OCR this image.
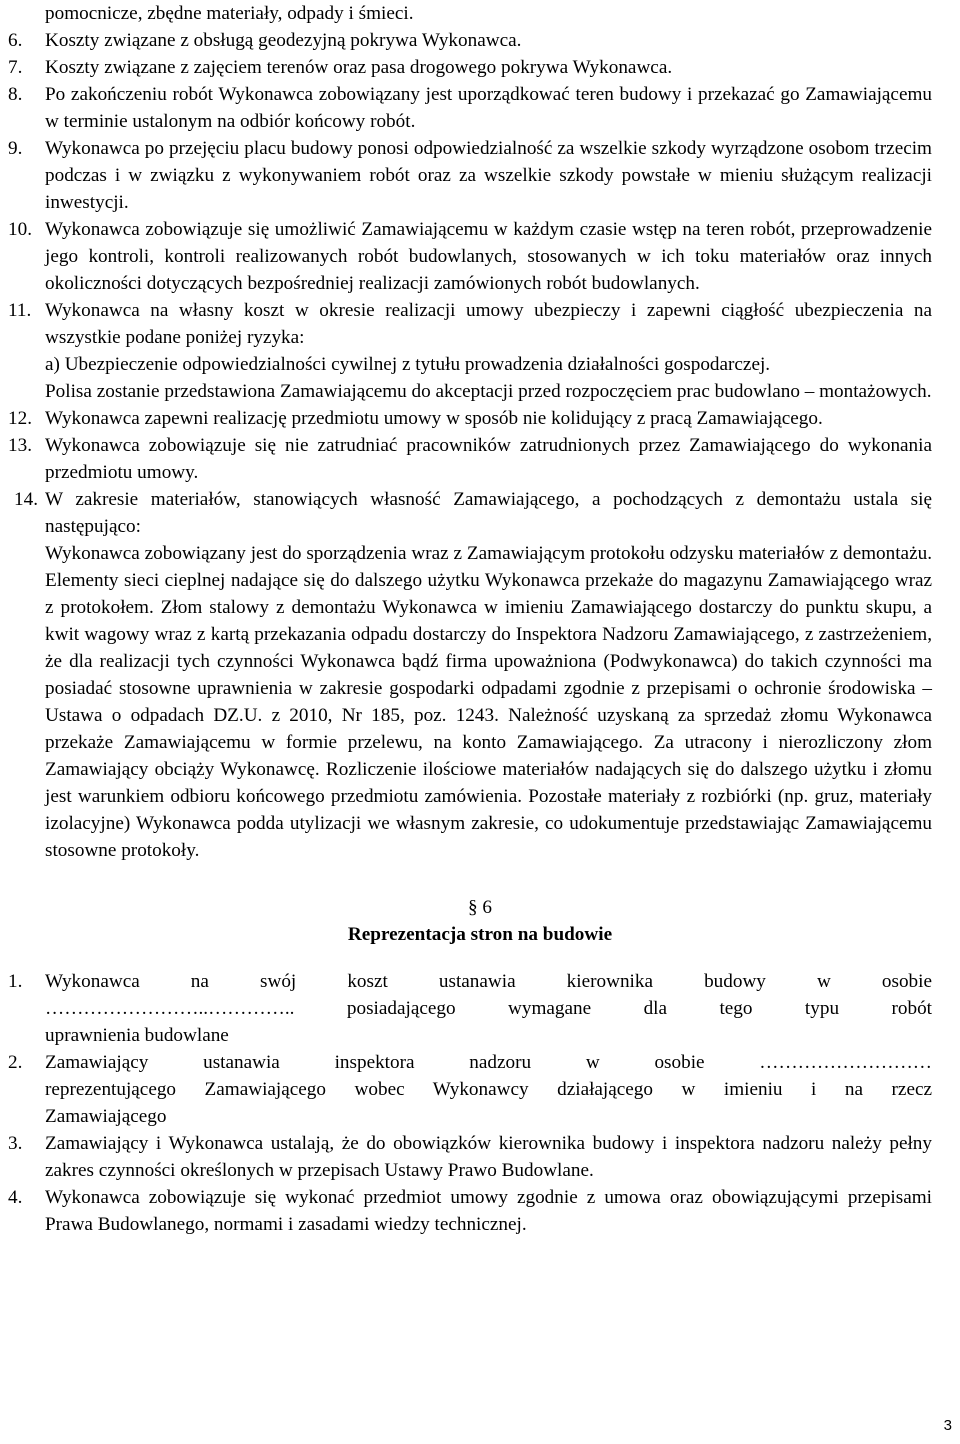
pomocnicze, zbędne materiały, odpady i śmieci.
6. Koszty związane z obsługą geodezyjną pokrywa Wykonawca.

7. Koszty związane z zajęciem terenów oraz pasa drogowego pokrywa Wykonawca.

8. Po zakończeniu robót Wykonawca zobowiązany jest uporządkować teren budowy i przekazać go Zamawiającemu w terminie ustalonym na odbiór końcowy robót.

9. Wykonawca po przejęciu placu budowy ponosi odpowiedzialność za wszelkie szkody wyrządzone osobom trzecim podczas i w związku z wykonywaniem robót oraz za wszelkie szkody powstałe w mieniu służącym realizacji inwestycji.

10. Wykonawca zobowiązuje się umożliwić Zamawiającemu w każdym czasie wstęp na teren robót, przeprowadzenie jego kontroli, kontroli realizowanych robót budowlanych, stosowanych w ich toku materiałów oraz innych okoliczności dotyczących bezpośredniej realizacji zamówionych robót budowlanych.

11. Wykonawca na własny koszt w okresie realizacji umowy ubezpieczy i zapewni ciągłość ubezpieczenia na wszystkie podane poniżej ryzyka:

a) Ubezpieczenie odpowiedzialności cywilnej z tytułu prowadzenia działalności gospodarczej.

Polisa zostanie przedstawiona Zamawiającemu do akceptacji przed rozpoczęciem prac budowlano – montażowych.

12. Wykonawca zapewni realizację przedmiotu umowy w sposób nie kolidujący z pracą Zamawiającego.

13. Wykonawca zobowiązuje się nie zatrudniać pracowników zatrudnionych przez Zamawiającego do wykonania przedmiotu umowy.

14. W zakresie materiałów, stanowiących własność Zamawiającego, a pochodzących z demontażu ustala się następująco:

Wykonawca zobowiązany jest do sporządzenia wraz z Zamawiającym protokołu odzysku materiałów z demontażu. Elementy sieci cieplnej nadające się do dalszego użytku Wykonawca przekaże do magazynu Zamawiającego wraz z protokołem. Złom stalowy z demontażu Wykonawca w imieniu Zamawiającego dostarczy do punktu skupu, a kwit wagowy wraz z kartą przekazania odpadu dostarczy do Inspektora Nadzoru Zamawiającego, z zastrzeżeniem, że dla realizacji tych czynności Wykonawca bądź firma upoważniona (Podwykonawca) do takich czynności ma posiadać stosowne uprawnienia w zakresie gospodarki odpadami zgodnie z przepisami o ochronie środowiska – Ustawa o odpadach DZ.U. z 2010, Nr 185, poz. 1243. Należność uzyskaną za sprzedaż złomu Wykonawca przekaże Zamawiającemu w formie przelewu, na konto Zamawiającego. Za utracony i nierozliczony złom Zamawiający obciąży Wykonawcę. Rozliczenie ilościowe materiałów nadających się do dalszego użytku i złomu jest warunkiem odbioru końcowego przedmiotu zamówienia. Pozostałe materiały z rozbiórki (np. gruz, materiały izolacyjne) Wykonawca podda utylizacji we własnym zakresie, co udokumentuje przedstawiając Zamawiającemu stosowne protokoły.

§ 6
Reprezentacja stron na budowie
1. Wykonawca na swój koszt ustanawia kierownika budowy w osobie
……………………..………….. posiadającego wymagane dla tego typu robót
uprawnienia budowlane
2. Zamawiający ustanawia inspektora nadzoru w osobie ………………………
reprezentującego Zamawiającego wobec Wykonawcy działającego w imieniu i na rzecz
Zamawiającego
3. Zamawiający i Wykonawca ustalają, że do obowiązków kierownika budowy i inspektora nadzoru należy pełny zakres czynności określonych w przepisach Ustawy Prawo Budowlane.

4. Wykonawca zobowiązuje się wykonać przedmiot umowy zgodnie z umowa oraz obowiązującymi przepisami Prawa Budowlanego, normami i zasadami wiedzy technicznej.

3
